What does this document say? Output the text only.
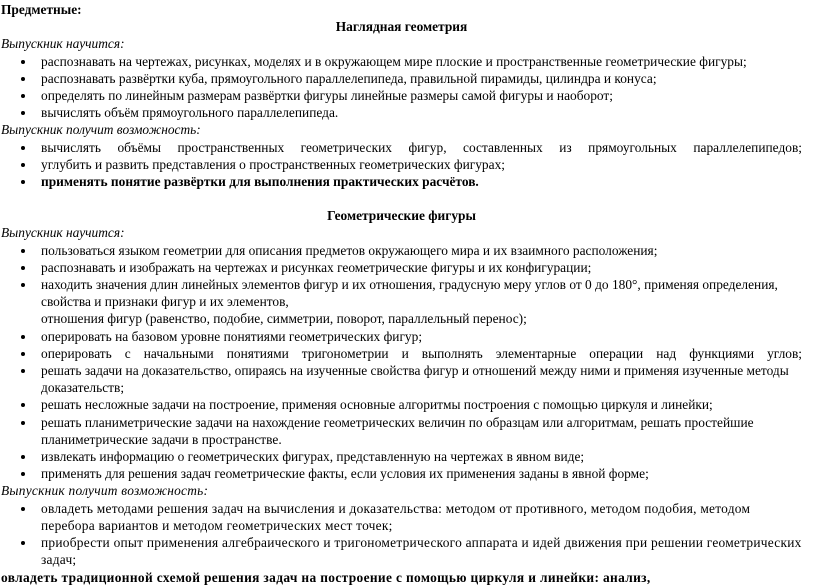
Предметные:
Наглядная геометрия
Выпускник научится:
распознавать на чертежах, рисунках, моделях и в окружающем мире плоские и пространственные геометрические фигуры;
распознавать развёртки куба, прямоугольного параллелепипеда, правильной пирамиды, цилиндра и конуса;
определять по линейным размерам развёртки фигуры линейные размеры самой фигуры и наоборот;
вычислять объём прямоугольного параллелепипеда.
Выпускник получит возможность:
вычислять объёмы пространственных геометрических фигур, составленных из прямоугольных параллелепипедов;
углубить и развить представления о пространственных геометрических фигурах;
применять понятие развёртки для выполнения практических расчётов.
Геометрические фигуры
Выпускник научится:
пользоваться языком геометрии для описания предметов окружающего мира и их взаимного расположения;
распознавать и изображать на чертежах и рисунках геометрические фигуры и их конфигурации;
находить значения длин линейных элементов фигур и их отношения, градусную меру углов от 0 до 180°, применяя определения, свойства и признаки фигур и их элементов,
отношения фигур (равенство, подобие, симметрии, поворот, параллельный перенос);
оперировать на базовом уровне понятиями геометрических фигур;
оперировать с начальными понятиями тригонометрии и выполнять элементарные операции над функциями углов;
решать задачи на доказательство, опираясь на изученные свойства фигур и отношений между ними и применяя изученные методы доказательств;
решать несложные задачи на построение, применяя основные алгоритмы построения с помощью циркуля и линейки;
решать планиметрические задачи на нахождение геометрических величин по образцам или алгоритмам, решать простейшие планиметрические задачи в пространстве.
извлекать информацию о геометрических фигурах, представленную на чертежах в явном виде;
применять для решения задач геометрические факты, если условия их применения заданы в явной форме;
Выпускник получит возможность:
овладеть методами решения задач на вычисления и доказательства: методом от противного, методом подобия, методом перебора вариантов и методом геометрических мест точек;
приобрести опыт применения алгебраического и тригонометрического аппарата и идей движения при решении геометрических задач;
овладеть традиционной схемой решения задач на построение с помощью циркуля и линейки: анализ,
